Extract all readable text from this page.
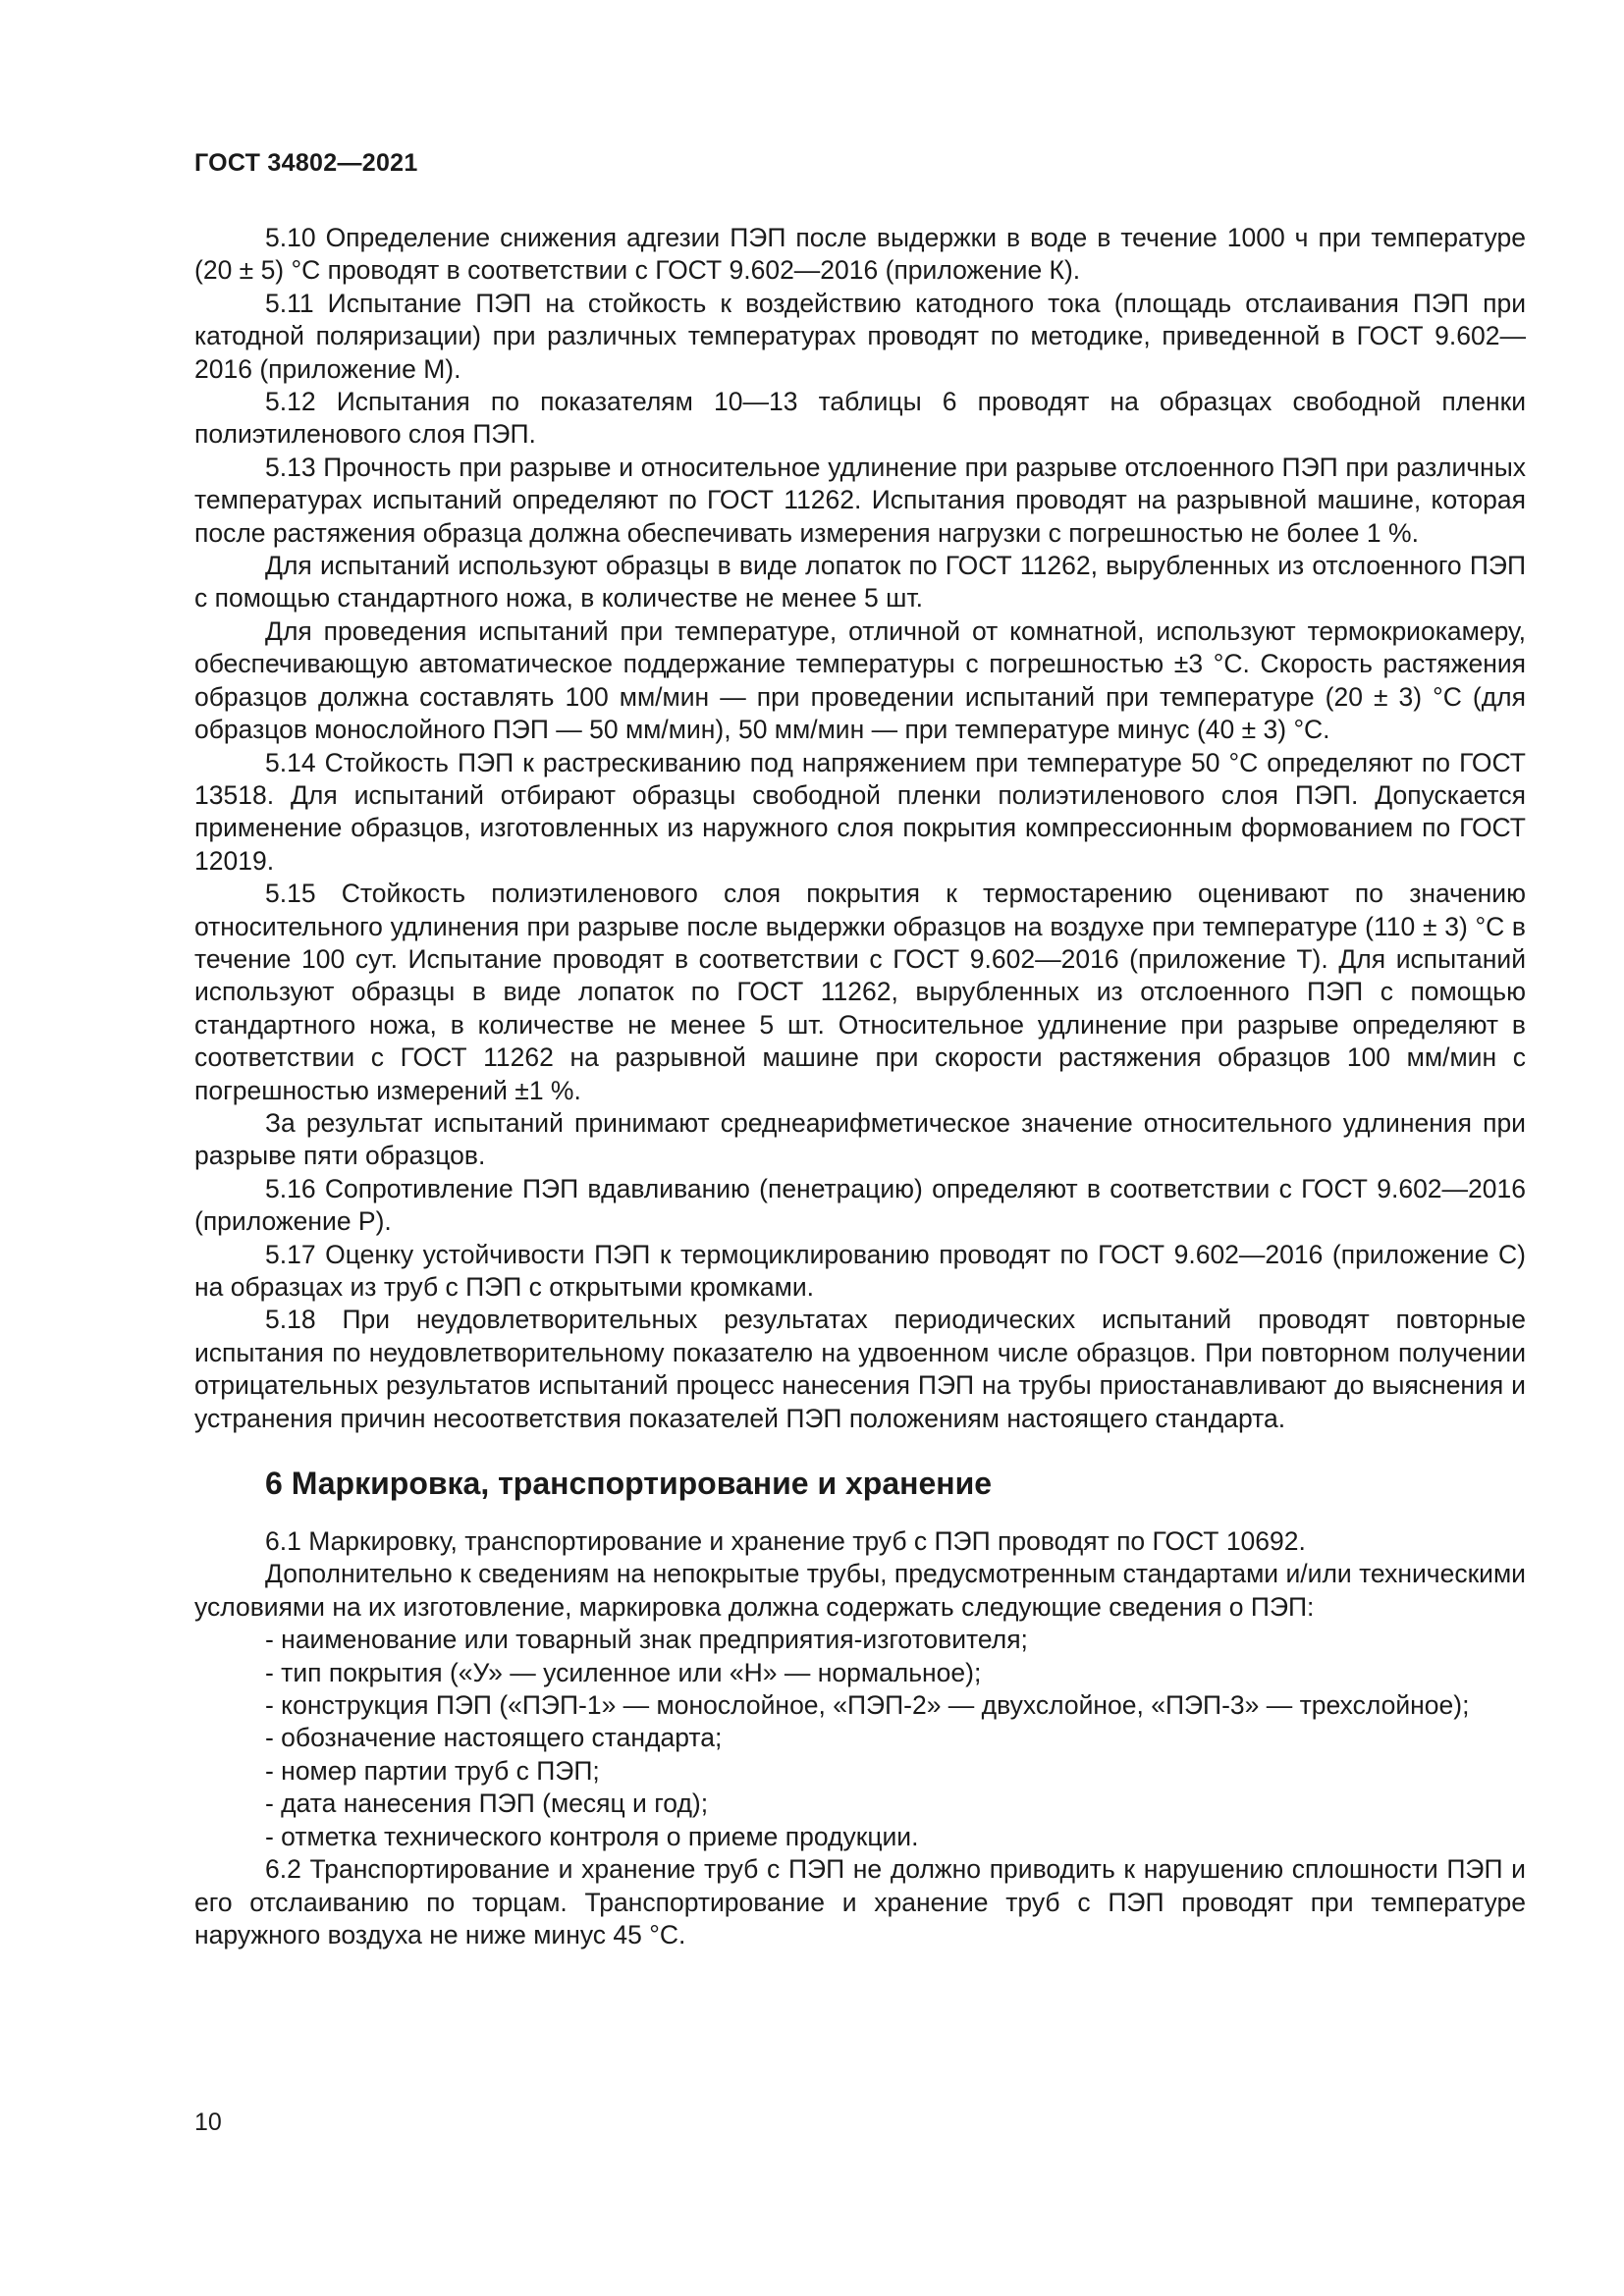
ГОСТ 34802—2021

5.10 Определение снижения адгезии ПЭП после выдержки в воде в течение 1000 ч при температуре (20 ± 5) °С проводят в соответствии с ГОСТ 9.602—2016 (приложение К).

5.11 Испытание ПЭП на стойкость к воздействию катодного тока (площадь отслаивания ПЭП при катодной поляризации) при различных температурах проводят по методике, приведенной в ГОСТ 9.602—2016 (приложение М).

5.12 Испытания по показателям 10—13 таблицы 6 проводят на образцах свободной пленки полиэтиленового слоя ПЭП.

5.13 Прочность при разрыве и относительное удлинение при разрыве отслоенного ПЭП при различных температурах испытаний определяют по ГОСТ 11262. Испытания проводят на разрывной машине, которая после растяжения образца должна обеспечивать измерения нагрузки с погрешностью не более 1 %.

Для испытаний используют образцы в виде лопаток по ГОСТ 11262, вырубленных из отслоенного ПЭП с помощью стандартного ножа, в количестве не менее 5 шт.

Для проведения испытаний при температуре, отличной от комнатной, используют термокриокамеру, обеспечивающую автоматическое поддержание температуры с погрешностью ±3 °С. Скорость растяжения образцов должна составлять 100 мм/мин — при проведении испытаний при температуре (20 ± 3) °С (для образцов монослойного ПЭП — 50 мм/мин), 50 мм/мин — при температуре минус (40 ± 3) °С.

5.14 Стойкость ПЭП к растрескиванию под напряжением при температуре 50 °С определяют по ГОСТ 13518. Для испытаний отбирают образцы свободной пленки полиэтиленового слоя ПЭП. Допускается применение образцов, изготовленных из наружного слоя покрытия компрессионным формованием по ГОСТ 12019.

5.15 Стойкость полиэтиленового слоя покрытия к термостарению оценивают по значению относительного удлинения при разрыве после выдержки образцов на воздухе при температуре (110 ± 3) °С в течение 100 сут. Испытание проводят в соответствии с ГОСТ 9.602—2016 (приложение Т). Для испытаний используют образцы в виде лопаток по ГОСТ 11262, вырубленных из отслоенного ПЭП с помощью стандартного ножа, в количестве не менее 5 шт. Относительное удлинение при разрыве определяют в соответствии с ГОСТ 11262 на разрывной машине при скорости растяжения образцов 100 мм/мин с погрешностью измерений ±1 %.

За результат испытаний принимают среднеарифметическое значение относительного удлинения при разрыве пяти образцов.

5.16 Сопротивление ПЭП вдавливанию (пенетрацию) определяют в соответствии с ГОСТ 9.602—2016 (приложение Р).

5.17 Оценку устойчивости ПЭП к термоциклированию проводят по ГОСТ 9.602—2016 (приложение С) на образцах из труб с ПЭП с открытыми кромками.

5.18 При неудовлетворительных результатах периодических испытаний проводят повторные испытания по неудовлетворительному показателю на удвоенном числе образцов. При повторном получении отрицательных результатов испытаний процесс нанесения ПЭП на трубы приостанавливают до выяснения и устранения причин несоответствия показателей ПЭП положениям настоящего стандарта.

6 Маркировка, транспортирование и хранение

6.1 Маркировку, транспортирование и хранение труб с ПЭП проводят по ГОСТ 10692.

Дополнительно к сведениям на непокрытые трубы, предусмотренным стандартами и/или техническими условиями на их изготовление, маркировка должна содержать следующие сведения о ПЭП:

- наименование или товарный знак предприятия-изготовителя;

- тип покрытия («У» — усиленное или «Н» — нормальное);

- конструкция ПЭП («ПЭП-1» — монослойное, «ПЭП-2» — двухслойное, «ПЭП-3» — трехслойное);

- обозначение настоящего стандарта;

- номер партии труб с ПЭП;

- дата нанесения ПЭП (месяц и год);

- отметка технического контроля о приеме продукции.

6.2 Транспортирование и хранение труб с ПЭП не должно приводить к нарушению сплошности ПЭП и его отслаиванию по торцам. Транспортирование и хранение труб с ПЭП проводят при температуре наружного воздуха не ниже минус 45 °С.

10
